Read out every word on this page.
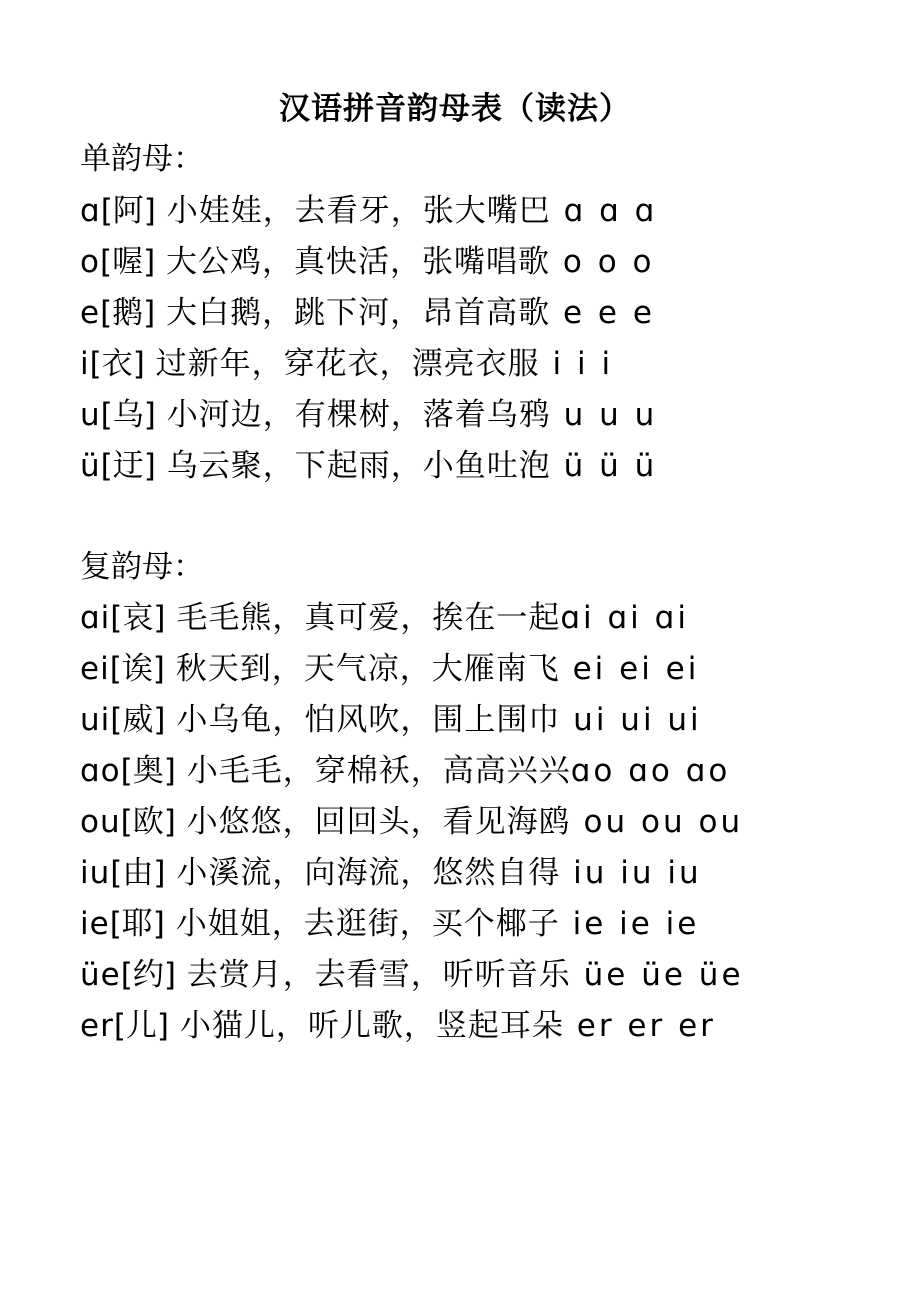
汉语拼音韵母表（读法）
单韵母：
ɑ[阿] 小娃娃，去看牙，张大嘴巴 ɑ ɑ ɑ
o[喔] 大公鸡，真快活，张嘴唱歌 o o o
e[鹅] 大白鹅，跳下河，昂首高歌 e e e
i[衣] 过新年，穿花衣，漂亮衣服 i i i
u[乌] 小河边，有棵树，落着乌鸦 u u u
ü[迂] 乌云聚，下起雨，小鱼吐泡 ü ü ü
复韵母：
ɑi[哀] 毛毛熊，真可爱，挨在一起ɑi ɑi ɑi
ei[诶] 秋天到，天气凉，大雁南飞 ei ei ei
ui[威] 小乌龟，怕风吹，围上围巾 ui ui ui
ɑo[奥] 小毛毛，穿棉袄，高高兴兴ɑo ɑo ɑo
ou[欧] 小悠悠，回回头，看见海鸥 ou ou ou
iu[由] 小溪流，向海流，悠然自得 iu iu iu
ie[耶] 小姐姐，去逛街，买个椰子 ie ie ie
üe[约] 去赏月，去看雪，听听音乐 üe üe üe
er[儿] 小猫儿，听儿歌，竖起耳朵 er er er
